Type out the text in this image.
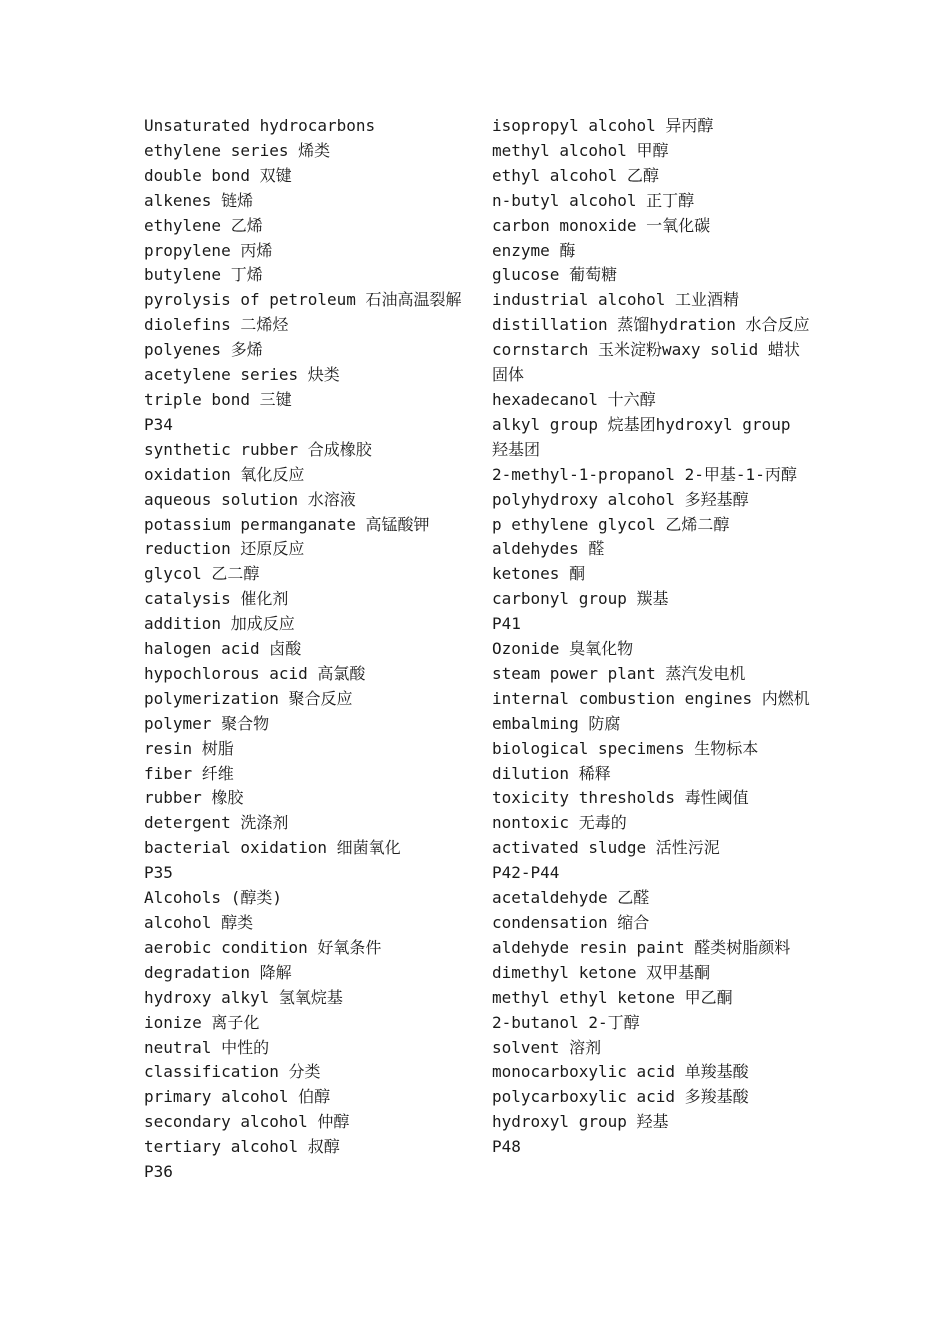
Unsaturated hydrocarbons
ethylene series 烯类
double bond 双键
alkenes 链烯
ethylene 乙烯
propylene 丙烯
butylene 丁烯
pyrolysis of petroleum 石油高温裂解
diolefins 二烯烃
polyenes 多烯
acetylene series 炔类
triple bond 三键
P34
synthetic rubber 合成橡胶
oxidation 氧化反应
aqueous solution 水溶液
potassium permanganate 高锰酸钾
reduction 还原反应
glycol 乙二醇
catalysis 催化剂
addition 加成反应
halogen acid 卤酸
hypochlorous acid 高氯酸
polymerization 聚合反应
polymer 聚合物
resin 树脂
fiber 纤维
rubber 橡胶
detergent 洗涤剂
bacterial oxidation 细菌氧化
P35
Alcohols (醇类)
alcohol 醇类
aerobic condition 好氧条件
degradation 降解
hydroxy alkyl 氢氧烷基
ionize 离子化
neutral 中性的
classification 分类
primary alcohol 伯醇
secondary alcohol 仲醇
tertiary alcohol 叔醇
P36
isopropyl alcohol 异丙醇
methyl alcohol 甲醇
ethyl alcohol 乙醇
n-butyl alcohol 正丁醇
carbon monoxide 一氧化碳
enzyme 酶
glucose 葡萄糖
industrial alcohol 工业酒精
distillation 蒸馏hydration 水合反应
cornstarch 玉米淀粉waxy solid 蜡状固体
hexadecanol 十六醇
alkyl group 烷基团hydroxyl group 羟基团
2-methyl-1-propanol 2-甲基-1-丙醇
polyhydroxy alcohol 多羟基醇
p ethylene glycol 乙烯二醇
aldehydes 醛
ketones 酮
carbonyl group 羰基
P41
Ozonide 臭氧化物
steam power plant 蒸汽发电机
internal combustion engines 内燃机
embalming 防腐
biological specimens 生物标本
dilution 稀释
toxicity thresholds 毒性阈值
nontoxic 无毒的
activated sludge 活性污泥
P42-P44
acetaldehyde 乙醛
condensation 缩合
aldehyde resin paint 醛类树脂颜料
dimethyl ketone 双甲基酮
methyl ethyl ketone 甲乙酮
2-butanol 2-丁醇
solvent 溶剂
monocarboxylic acid 单羧基酸
polycarboxylic acid 多羧基酸
hydroxyl group 羟基
P48
